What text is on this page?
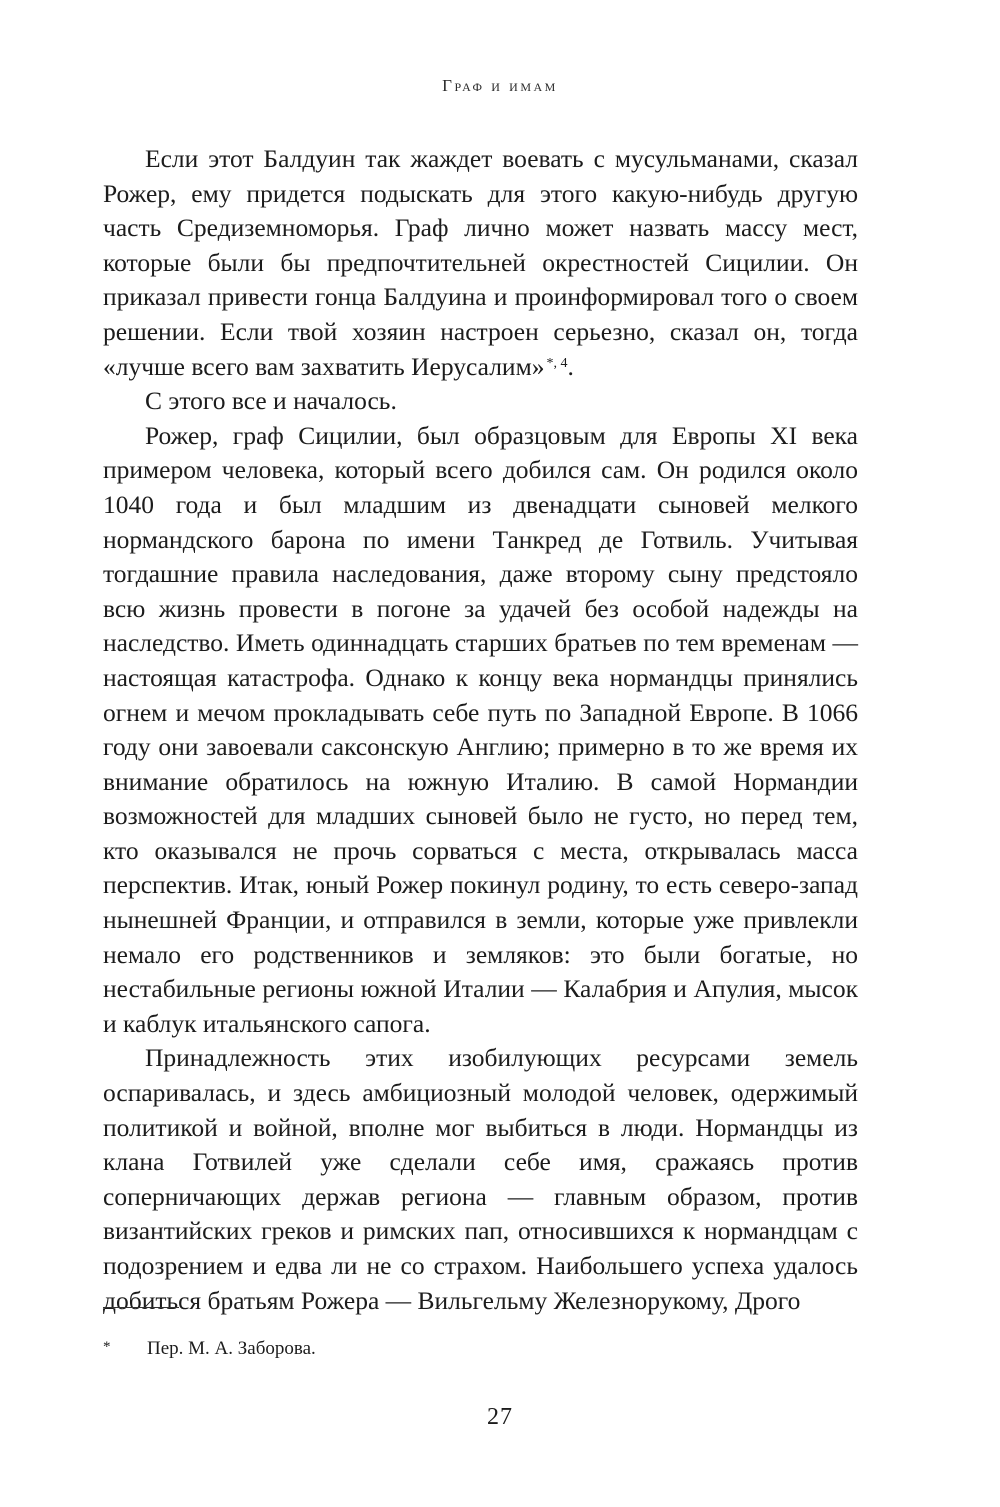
Граф и имам

Если этот Балдуин так жаждет воевать с мусульманами, сказал Рожер, ему придется подыскать для этого какую-нибудь другую часть Средиземноморья. Граф лично может назвать массу мест, которые были бы предпочтительней окрестностей Сицилии. Он приказал привести гонца Балдуина и проинформировал того о своем решении. Если твой хозяин настроен серьезно, сказал он, тогда «лучше всего вам захватить Иерусалим» $^{*, 4}$.

С этого все и началось.

Рожер, граф Сицилии, был образцовым для Европы XI века примером человека, который всего добился сам. Он родился около 1040 года и был младшим из двенадцати сыновей мелкого нормандского барона по имени Танкред де Готвиль. Учитывая тогдашние правила наследования, даже второму сыну предстояло всю жизнь провести в погоне за удачей без особой надежды на наследство. Иметь одиннадцать старших братьев по тем временам — настоящая катастрофа. Однако к концу века нормандцы принялись огнем и мечом прокладывать себе путь по Западной Европе. В 1066 году они завоевали саксонскую Англию; примерно в то же время их внимание обратилось на южную Италию. В самой Нормандии возможностей для младших сыновей было не густо, но перед тем, кто оказывался не прочь сорваться с места, открывалась масса перспектив. Итак, юный Рожер покинул родину, то есть северо-запад нынешней Франции, и отправился в земли, которые уже привлекли немало его родственников и земляков: это были богатые, но нестабильные регионы южной Италии — Калабрия и Апулия, мысок и каблук итальянского сапога.

Принадлежность этих изобилующих ресурсами земель оспаривалась, и здесь амбициозный молодой человек, одержимый политикой и войной, вполне мог выбиться в люди. Нормандцы из клана Готвилей уже сделали себе имя, сражаясь против соперничающих держав региона — главным образом, против византийских греков и римских пап, относившихся к нормандцам с подозрением и едва ли не со страхом. Наибольшего успеха удалось добиться братьям Рожера — Вильгельму Железнорукому, Дрого

* Пер. М. А. Заборова.
27
